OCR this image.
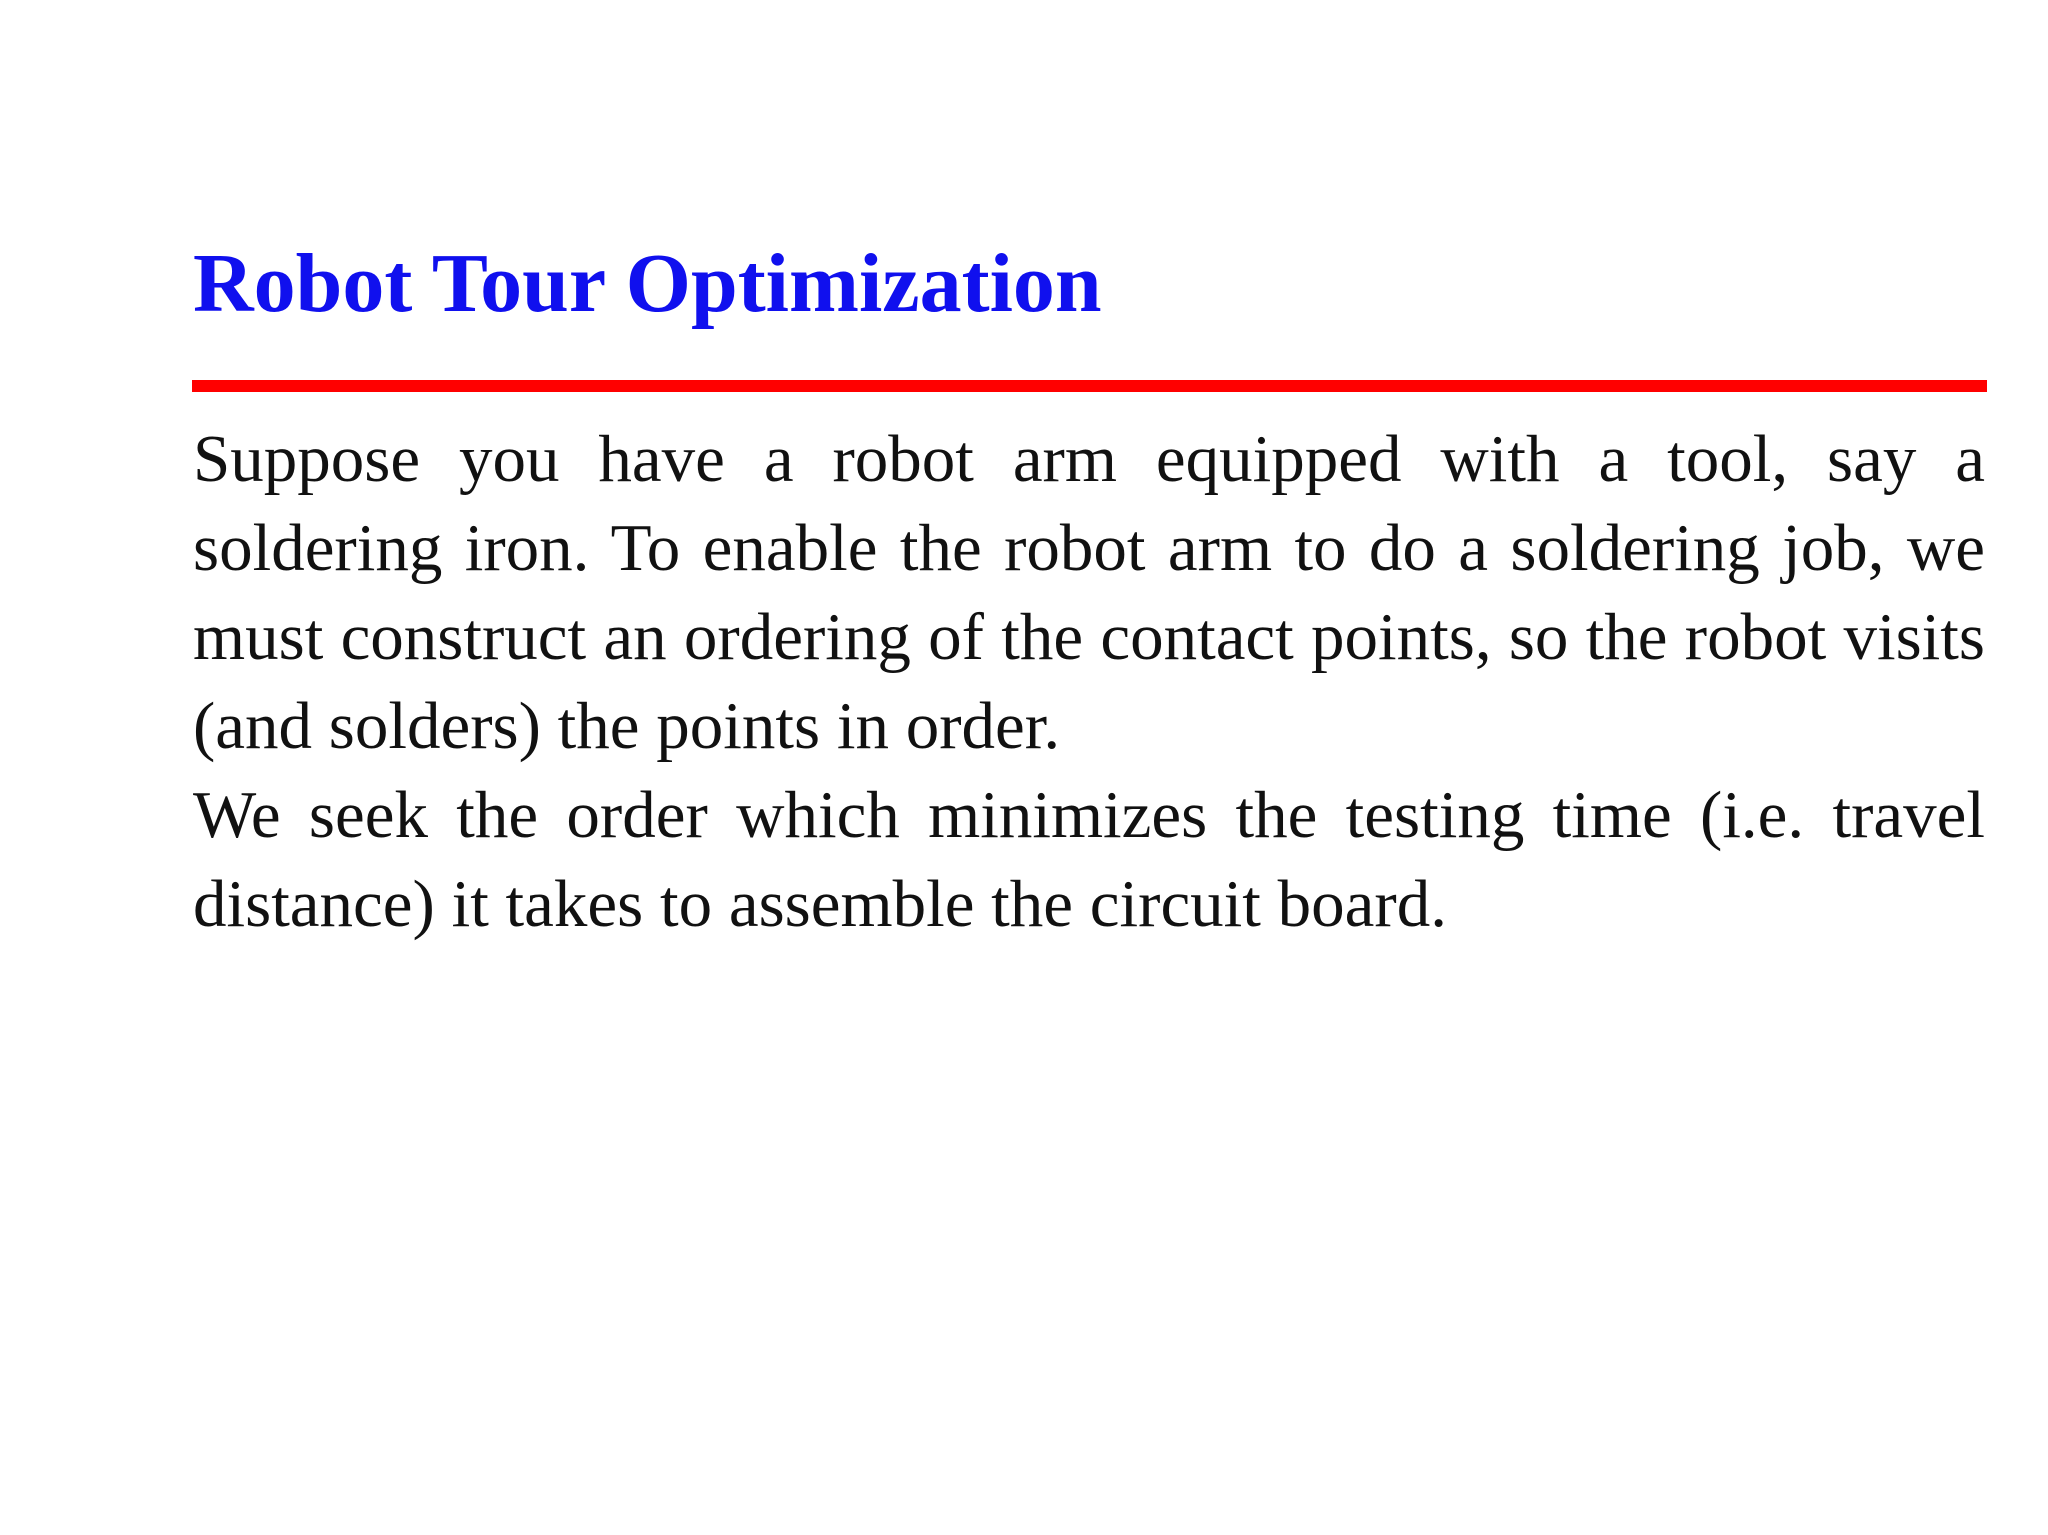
Robot Tour Optimization

Suppose you have a robot arm equipped with a tool, say a soldering iron. To enable the robot arm to do a soldering job, we must construct an ordering of the contact points, so the robot visits (and solders) the points in order.

We seek the order which minimizes the testing time (i.e. travel distance) it takes to assemble the circuit board.
